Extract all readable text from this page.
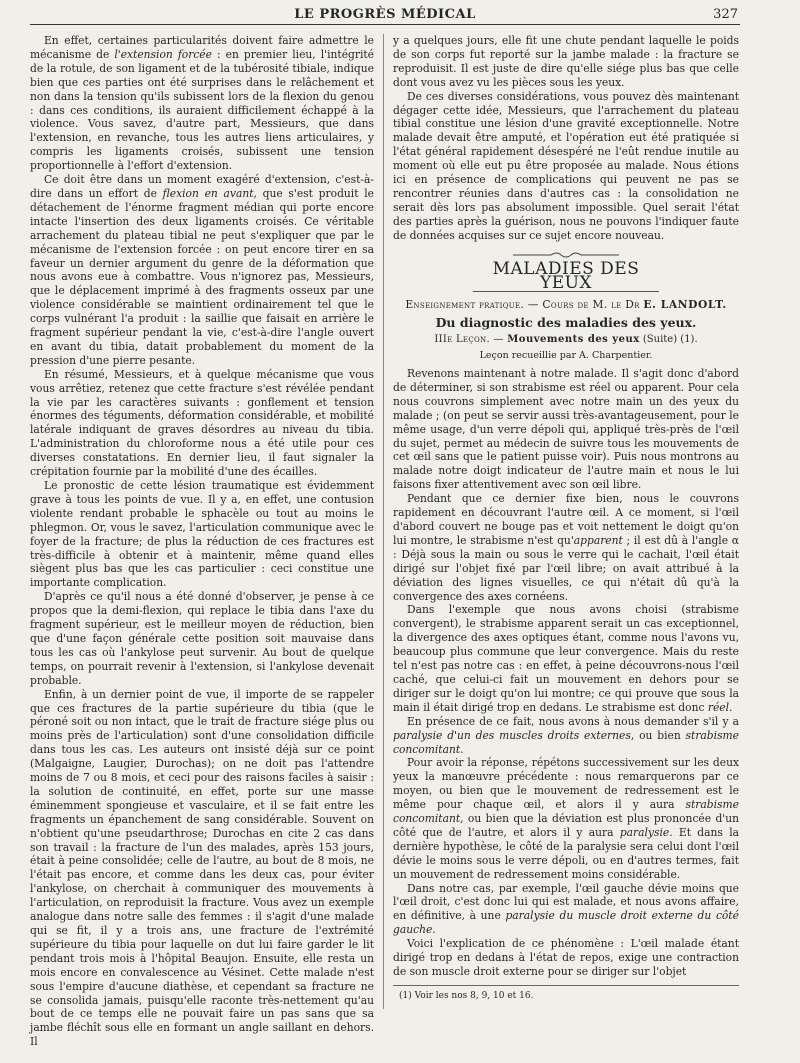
LE PROGRÈS MÉDICAL	327

En effet, certaines particularités doivent faire admettre le mécanisme de l'extension forcée : en premier lieu, l'intégrité de la rotule, de son ligament et de la tubérosité tibiale, indique bien que ces parties ont été surprises dans le relâchement et non dans la tension qu'ils subissent lors de la flexion du genou : dans ces conditions, ils auraient difficilement échappé à la violence. Vous savez, d'autre part, Messieurs, que dans l'extension, en revanche, tous les autres liens articulaires, y compris les ligaments croisés, subissent une tension proportionnelle à l'effort d'extension.

Ce doit être dans un moment exagéré d'extension, c'est-à-dire dans un effort de flexion en avant, que s'est produit le détachement de l'énorme fragment médian qui porte encore intacte l'insertion des deux ligaments croisés. Ce véritable arrachement du plateau tibial ne peut s'expliquer que par le mécanisme de l'extension forcée : on peut encore tirer en sa faveur un dernier argument du genre de la déformation que nous avons eue à combattre. Vous n'ignorez pas, Messieurs, que le déplacement imprimé à des fragments osseux par une violence considérable se maintient ordinairement tel que le corps vulnérant l'a produit : la saillie que faisait en arrière le fragment supérieur pendant la vie, c'est-à-dire l'angle ouvert en avant du tibia, datait probablement du moment de la pression d'une pierre pesante.

En résumé, Messieurs, et à quelque mécanisme que vous vous arrêtiez, retenez que cette fracture s'est révélée pendant la vie par les caractères suivants : gonflement et tension énormes des téguments, déformation considérable, et mobilité latérale indiquant de graves désordres au niveau du tibia. L'administration du chloroforme nous a été utile pour ces diverses constatations. En dernier lieu, il faut signaler la crépitation fournie par la mobilité d'une des écailles.

Le pronostic de cette lésion traumatique est évidemment grave à tous les points de vue. Il y a, en effet, une contusion violente rendant probable le sphacèle ou tout au moins le phlegmon. Or, vous le savez, l'articulation communique avec le foyer de la fracture; de plus la réduction de ces fractures est très-difficile à obtenir et à maintenir, même quand elles siègent plus bas que les cas particulier : ceci constitue une importante complication.

D'après ce qu'il nous a été donné d'observer, je pense à ce propos que la demi-flexion, qui replace le tibia dans l'axe du fragment supérieur, est le meilleur moyen de réduction, bien que d'une façon générale cette position soit mauvaise dans tous les cas où l'ankylose peut survenir. Au bout de quelque temps, on pourrait revenir à l'extension, si l'ankylose devenait probable.

Enfin, à un dernier point de vue, il importe de se rappeler que ces fractures de la partie supérieure du tibia (que le péroné soit ou non intact, que le trait de fracture siége plus ou moins près de l'articulation) sont d'une consolidation difficile dans tous les cas. Les auteurs ont insisté déjà sur ce point (Malgaigne, Laugier, Durochas); on ne doit pas l'attendre moins de 7 ou 8 mois, et ceci pour des raisons faciles à saisir : la solution de continuité, en effet, porte sur une masse éminemment spongieuse et vasculaire, et il se fait entre les fragments un épanchement de sang considérable. Souvent on n'obtient qu'une pseudarthrose; Durochas en cite 2 cas dans son travail : la fracture de l'un des malades, après 153 jours, était à peine consolidée; celle de l'autre, au bout de 8 mois, ne l'était pas encore, et comme dans les deux cas, pour éviter l'ankylose, on cherchait à communiquer des mouvements à l'articulation, on reproduisit la fracture. Vous avez un exemple analogue dans notre salle des femmes : il s'agit d'une malade qui se fit, il y a trois ans, une fracture de l'extrémité supérieure du tibia pour laquelle on dut lui faire garder le lit pendant trois mois à l'hôpital Beaujon. Ensuite, elle resta un mois encore en convalescence au Vésinet. Cette malade n'est sous l'empire d'aucune diathèse, et cependant sa fracture ne se consolida jamais, puisqu'elle raconte très-nettement qu'au bout de ce temps elle ne pouvait faire un pas sans que sa jambe fléchît sous elle en formant un angle saillant en dehors. Il

y a quelques jours, elle fit une chute pendant laquelle le poids de son corps fut reporté sur la jambe malade : la fracture se reproduisit. Il est juste de dire qu'elle siége plus bas que celle dont vous avez vu les pièces sous les yeux.

De ces diverses considérations, vous pouvez dès maintenant dégager cette idée, Messieurs, que l'arrachement du plateau tibial constitue une lésion d'une gravité exceptionnelle. Notre malade devait être amputé, et l'opération eut été pratiquée si l'état général rapidement désespéré ne l'eût rendue inutile au moment où elle eut pu être proposée au malade. Nous étions ici en présence de complications qui peuvent ne pas se rencontrer réunies dans d'autres cas : la consolidation ne serait dès lors pas absolument impossible. Quel serait l'état des parties après la guérison, nous ne pouvons l'indiquer faute de données acquises sur ce sujet encore nouveau.

MALADIES DES YEUX

Enseignement pratique. — Cours de M. le Dr E. LANDOLT.

Du diagnostic des maladies des yeux.

IIIe Leçon. — Mouvements des yeux (Suite) (1).

Leçon recueillie par A. Charpentier.

Revenons maintenant à notre malade. Il s'agit donc d'abord de déterminer, si son strabisme est réel ou apparent. Pour cela nous couvrons simplement avec notre main un des yeux du malade ; (on peut se servir aussi très-avantageusement, pour le même usage, d'un verre dépoli qui, appliqué très-près de l'œil du sujet, permet au médecin de suivre tous les mouvements de cet œil sans que le patient puisse voir). Puis nous montrons au malade notre doigt indicateur de l'autre main et nous le lui faisons fixer attentivement avec son œil libre.

Pendant que ce dernier fixe bien, nous le couvrons rapidement en découvrant l'autre œil. A ce moment, si l'œil d'abord couvert ne bouge pas et voit nettement le doigt qu'on lui montre, le strabisme n'est qu'apparent ; il est dû à l'angle α : Déjà sous la main ou sous le verre qui le cachait, l'œil était dirigé sur l'objet fixé par l'œil libre; on avait attribué à la déviation des lignes visuelles, ce qui n'était dû qu'à la convergence des axes cornéens.

Dans l'exemple que nous avons choisi (strabisme convergent), le strabisme apparent serait un cas exceptionnel, la divergence des axes optiques étant, comme nous l'avons vu, beaucoup plus commune que leur convergence. Mais du reste tel n'est pas notre cas : en effet, à peine découvrons-nous l'œil caché, que celui-ci fait un mouvement en dehors pour se diriger sur le doigt qu'on lui montre; ce qui prouve que sous la main il était dirigé trop en dedans. Le strabisme est donc réel.

En présence de ce fait, nous avons à nous demander s'il y a paralysie d'un des muscles droits externes, ou bien strabisme concomitant.

Pour avoir la réponse, répétons successivement sur les deux yeux la manœuvre précédente : nous remarquerons par ce moyen, ou bien que le mouvement de redressement est le même pour chaque œil, et alors il y aura strabisme concomitant, ou bien que la déviation est plus prononcée d'un côté que de l'autre, et alors il y aura paralysie. Et dans la dernière hypothèse, le côté de la paralysie sera celui dont l'œil dévie le moins sous le verre dépoli, ou en d'autres termes, fait un mouvement de redressement moins considérable.

Dans notre cas, par exemple, l'œil gauche dévie moins que l'œil droit, c'est donc lui qui est malade, et nous avons affaire, en définitive, à une paralysie du muscle droit externe du côté gauche.

Voici l'explication de ce phénomène : L'œil malade étant dirigé trop en dedans à l'état de repos, exige une contraction de son muscle droit externe pour se diriger sur l'objet

(1) Voir les nos 8, 9, 10 et 16.
